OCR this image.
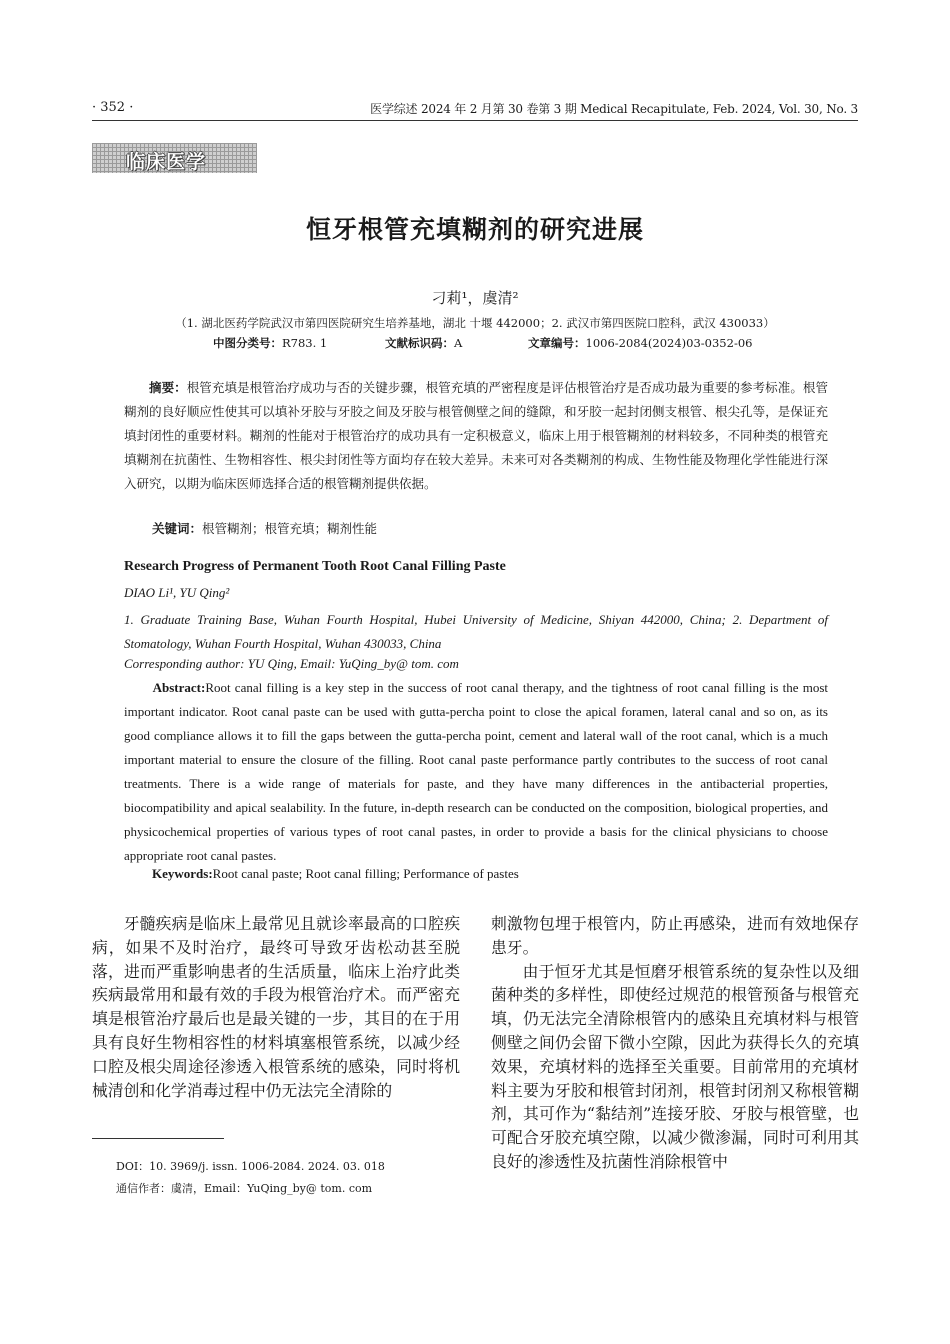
· 352 ·	医学综述 2024 年 2 月第 30 卷第 3 期 Medical Recapitulate, Feb. 2024, Vol. 30, No. 3
临床医学
恒牙根管充填糊剂的研究进展
刁莉¹，虞清²
（1. 湖北医药学院武汉市第四医院研究生培养基地，湖北 十堰 442000；2. 武汉市第四医院口腔科，武汉 430033）
中图分类号：R783. 1	文献标识码：A	文章编号：1006-2084(2024)03-0352-06
摘要：根管充填是根管治疗成功与否的关键步骤，根管充填的严密程度是评估根管治疗是否成功最为重要的参考标准。根管糊剂的良好顺应性使其可以填补牙胶与牙胶之间及牙胶与根管侧壁之间的缝隙，和牙胶一起封闭侧支根管、根尖孔等，是保证充填封闭性的重要材料。糊剂的性能对于根管治疗的成功具有一定积极意义，临床上用于根管糊剂的材料较多，不同种类的根管充填糊剂在抗菌性、生物相容性、根尖封闭性等方面均存在较大差异。未来可对各类糊剂的构成、生物性能及物理化学性能进行深入研究，以期为临床医师选择合适的根管糊剂提供依据。
关键词：根管糊剂；根管充填；糊剂性能
Research Progress of Permanent Tooth Root Canal Filling Paste
DIAO Li¹, YU Qing²
1. Graduate Training Base, Wuhan Fourth Hospital, Hubei University of Medicine, Shiyan 442000, China; 2. Department of Stomatology, Wuhan Fourth Hospital, Wuhan 430033, China
Corresponding author: YU Qing, Email: YuQing_by@ tom. com
Abstract:Root canal filling is a key step in the success of root canal therapy, and the tightness of root canal filling is the most important indicator. Root canal paste can be used with gutta-percha point to close the apical foramen, lateral canal and so on, as its good compliance allows it to fill the gaps between the gutta-percha point, cement and lateral wall of the root canal, which is a much important material to ensure the closure of the filling. Root canal paste performance partly contributes to the success of root canal treatments. There is a wide range of materials for paste, and they have many differences in the antibacterial properties, biocompatibility and apical sealability. In the future, in-depth research can be conducted on the composition, biological properties, and physicochemical properties of various types of root canal pastes, in order to provide a basis for the clinical physicians to choose appropriate root canal pastes.
Keywords:Root canal paste; Root canal filling; Performance of pastes
牙髓疾病是临床上最常见且就诊率最高的口腔疾病，如果不及时治疗，最终可导致牙齿松动甚至脱落，进而严重影响患者的生活质量，临床上治疗此类疾病最常用和最有效的手段为根管治疗术。而严密充填是根管治疗最后也是最关键的一步，其目的在于用具有良好生物相容性的材料填塞根管系统，以减少经口腔及根尖周途径渗透入根管系统的感染，同时将机械清创和化学消毒过程中仍无法完全清除的

刺激物包埋于根管内，防止再感染，进而有效地保存患牙。

由于恒牙尤其是恒磨牙根管系统的复杂性以及细菌种类的多样性，即使经过规范的根管预备与根管充填，仍无法完全清除根管内的感染且充填材料与根管侧壁之间仍会留下微小空隙，因此为获得长久的充填效果，充填材料的选择至关重要。目前常用的充填材料主要为牙胶和根管封闭剂，根管封闭剂又称根管糊剂，其可作为“黏结剂”连接牙胶、牙胶与根管壁，也可配合牙胶充填空隙，以减少微渗漏，同时可利用其良好的渗透性及抗菌性消除根管中

DOI：10. 3969/j. issn. 1006-2084. 2024. 03. 018
通信作者：虞清，Email：YuQing_by@ tom. com
